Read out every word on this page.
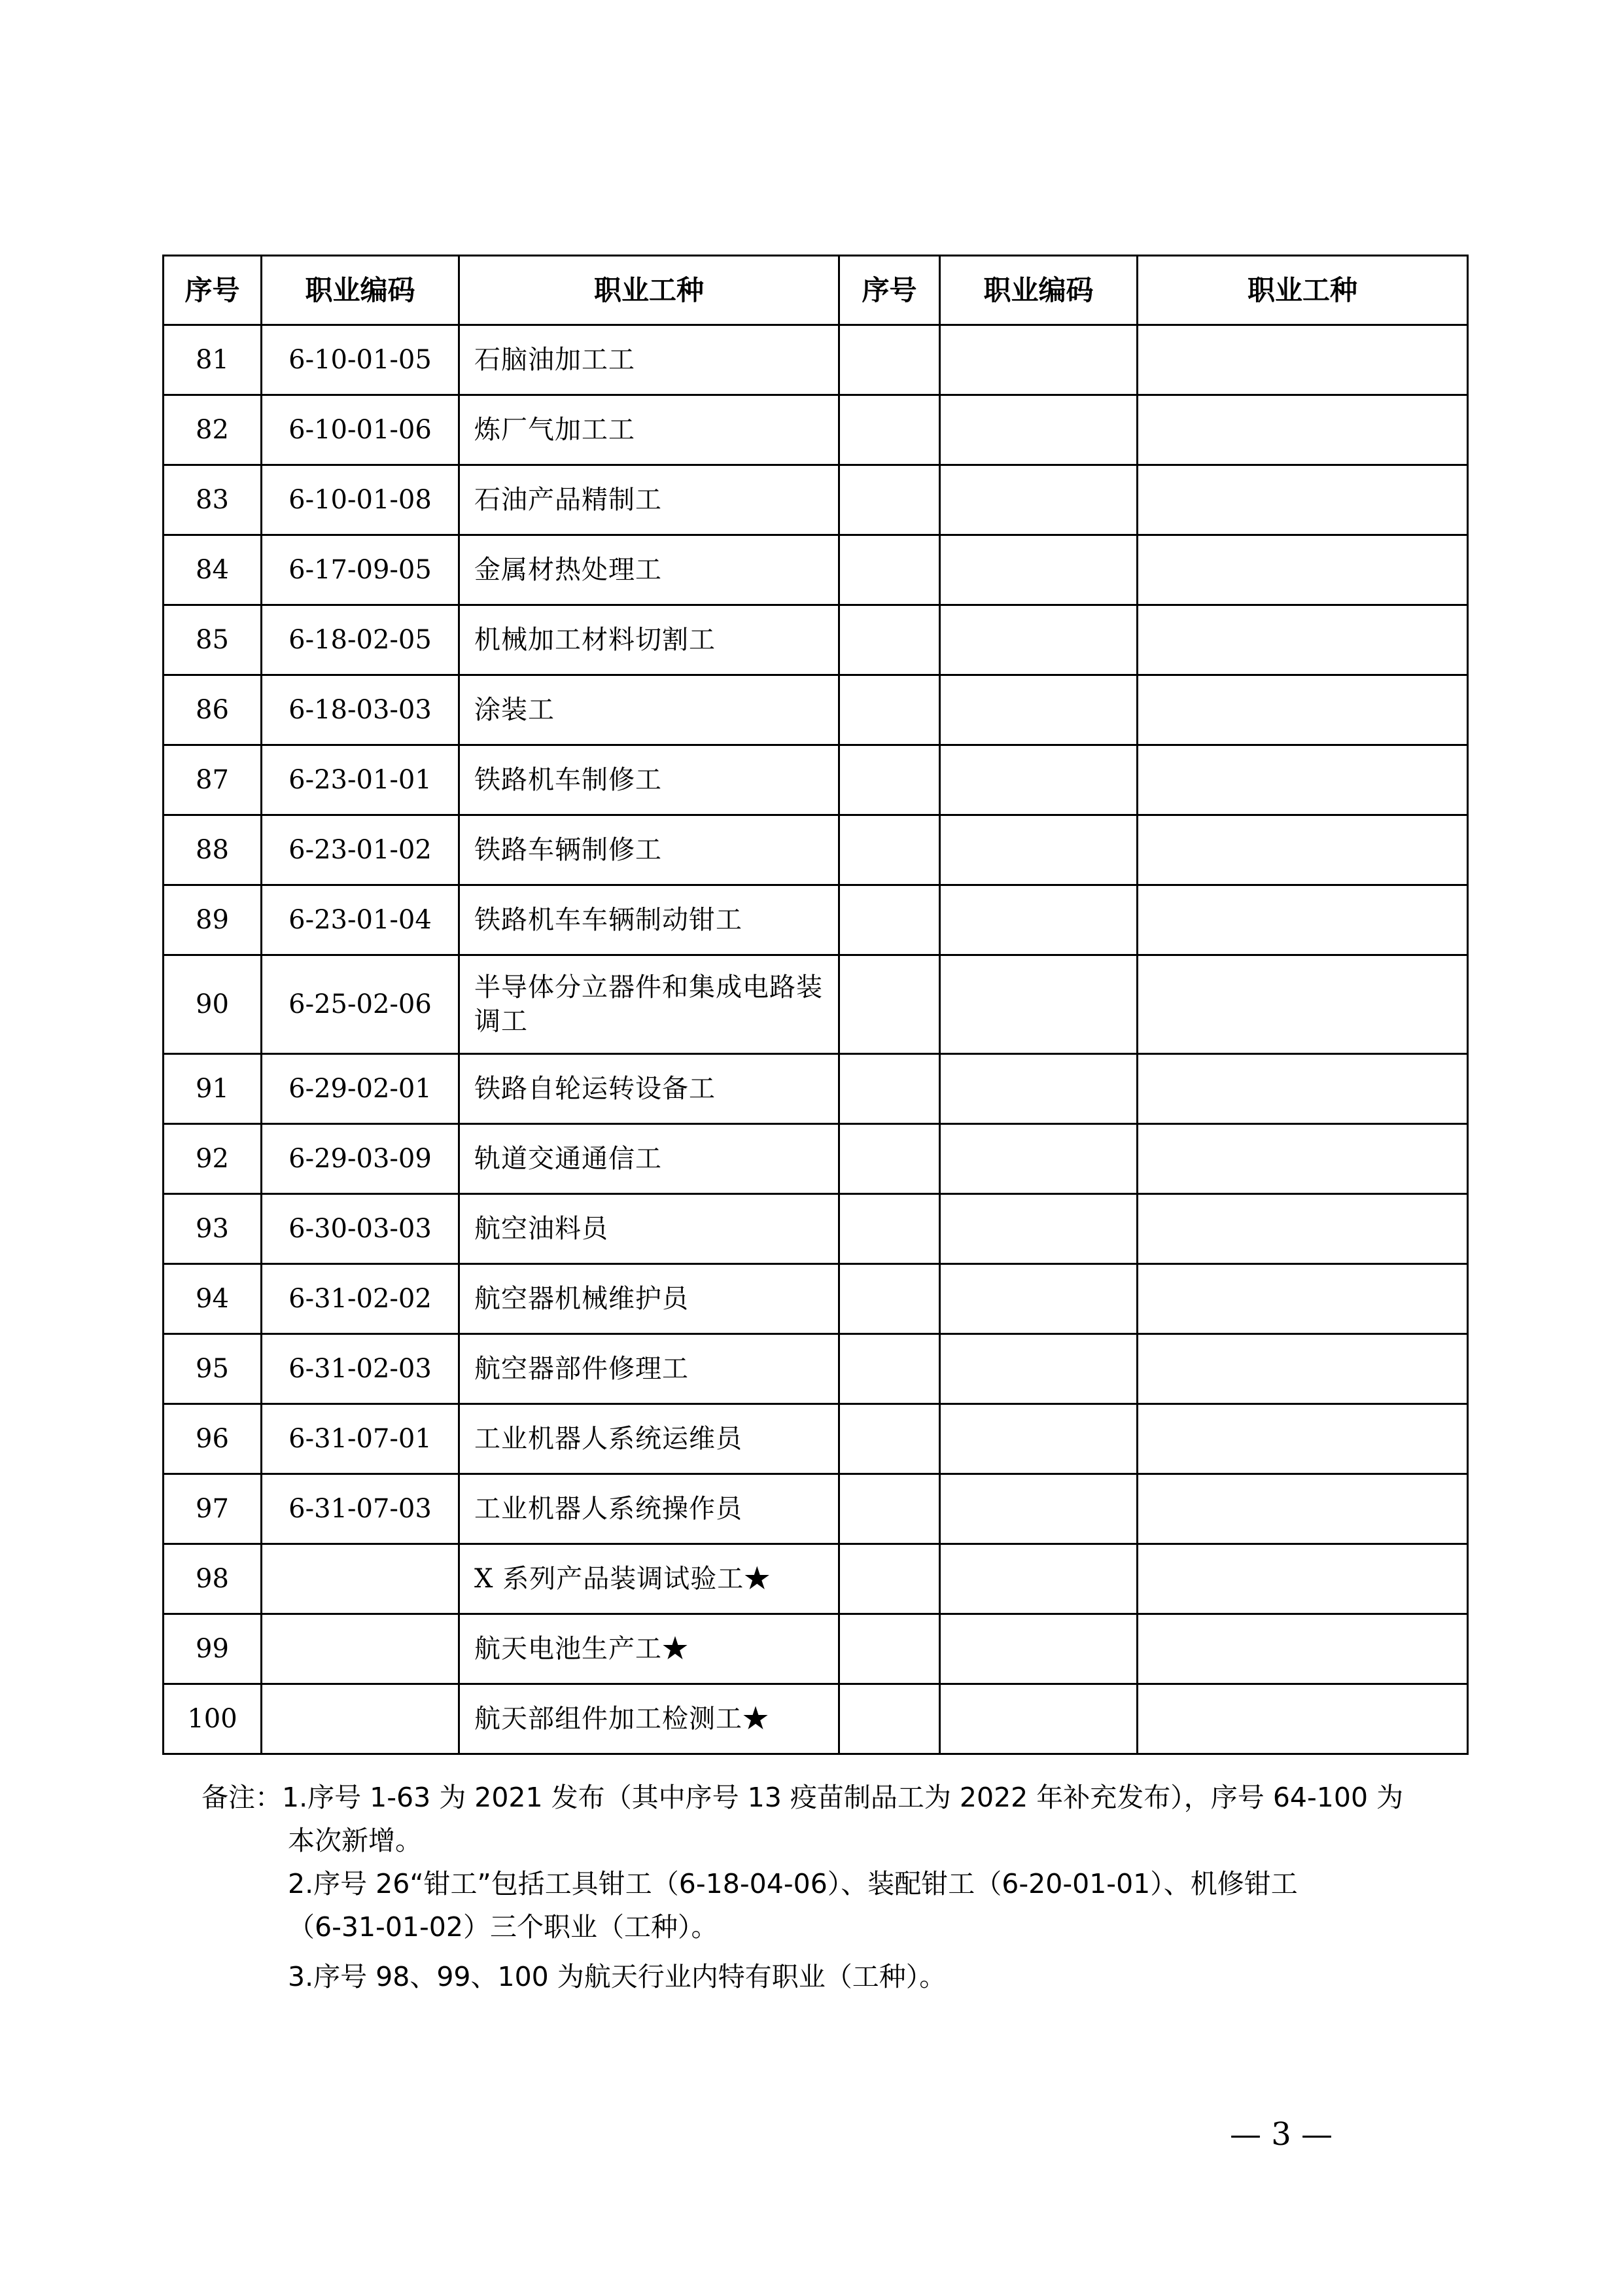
序号	职业编码	职业工种	序号	职业编码	职业工种
81	6-10-01-05	石脑油加工工			
82	6-10-01-06	炼厂气加工工			
83	6-10-01-08	石油产品精制工			
84	6-17-09-05	金属材热处理工			
85	6-18-02-05	机械加工材料切割工			
86	6-18-03-03	涂装工			
87	6-23-01-01	铁路机车制修工			
88	6-23-01-02	铁路车辆制修工			
89	6-23-01-04	铁路机车车辆制动钳工			
90	6-25-02-06	半导体分立器件和集成电路装调工			
91	6-29-02-01	铁路自轮运转设备工			
92	6-29-03-09	轨道交通通信工			
93	6-30-03-03	航空油料员			
94	6-31-02-02	航空器机械维护员			
95	6-31-02-03	航空器部件修理工			
96	6-31-07-01	工业机器人系统运维员			
97	6-31-07-03	工业机器人系统操作员			
98		X 系列产品装调试验工★			
99		航天电池生产工★			
100		航天部组件加工检测工★			
备注：1.序号 1-63 为 2021 发布（其中序号 13 疫苗制品工为 2022 年补充发布），序号 64-100 为
本次新增。
2.序号 26“钳工”包括工具钳工（6-18-04-06）、装配钳工（6-20-01-01）、机修钳工
（6-31-01-02）三个职业（工种）。
3.序号 98、99、100 为航天行业内特有职业（工种）。
— 3 —
